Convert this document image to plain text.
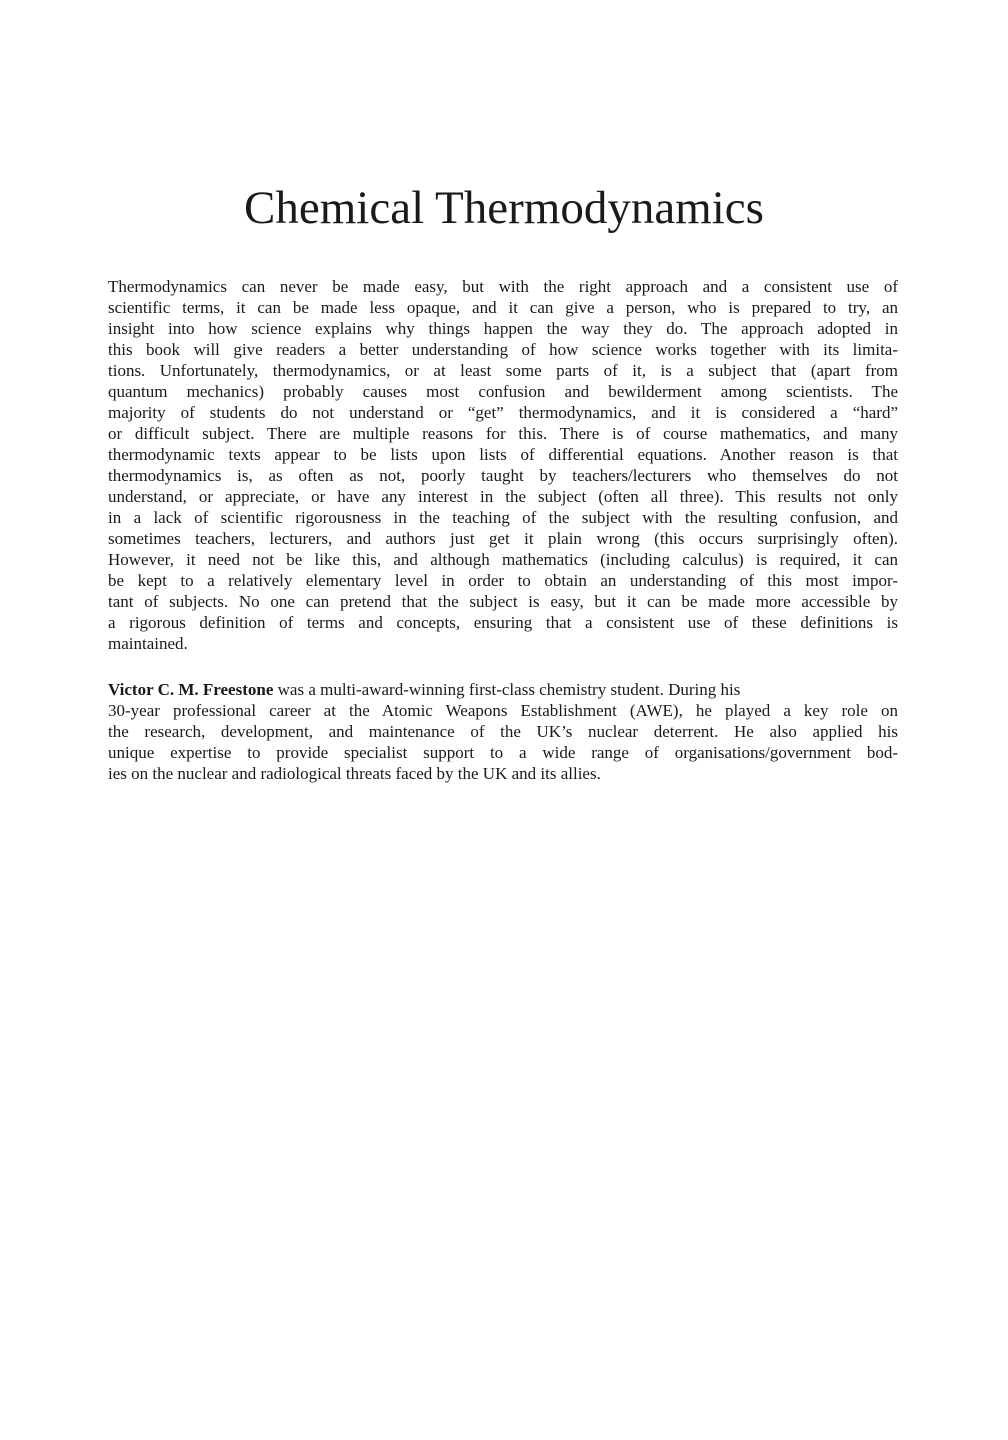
Chemical Thermodynamics
Thermodynamics can never be made easy, but with the right approach and a consistent use of
scientific terms, it can be made less opaque, and it can give a person, who is prepared to try, an
insight into how science explains why things happen the way they do. The approach adopted in
this book will give readers a better understanding of how science works together with its limita-
tions. Unfortunately, thermodynamics, or at least some parts of it, is a subject that (apart from
quantum mechanics) probably causes most confusion and bewilderment among scientists. The
majority of students do not understand or “get” thermodynamics, and it is considered a “hard”
or difficult subject. There are multiple reasons for this. There is of course mathematics, and many
thermodynamic texts appear to be lists upon lists of differential equations. Another reason is that
thermodynamics is, as often as not, poorly taught by teachers/lecturers who themselves do not
understand, or appreciate, or have any interest in the subject (often all three). This results not only
in a lack of scientific rigorousness in the teaching of the subject with the resulting confusion, and
sometimes teachers, lecturers, and authors just get it plain wrong (this occurs surprisingly often).
However, it need not be like this, and although mathematics (including calculus) is required, it can
be kept to a relatively elementary level in order to obtain an understanding of this most impor-
tant of subjects. No one can pretend that the subject is easy, but it can be made more accessible by
a rigorous definition of terms and concepts, ensuring that a consistent use of these definitions is
maintained.
Victor C. M. Freestone was a multi-award-winning first-class chemistry student. During his
30-year professional career at the Atomic Weapons Establishment (AWE), he played a key role on
the research, development, and maintenance of the UK’s nuclear deterrent. He also applied his
unique expertise to provide specialist support to a wide range of organisations/government bod-
ies on the nuclear and radiological threats faced by the UK and its allies.
